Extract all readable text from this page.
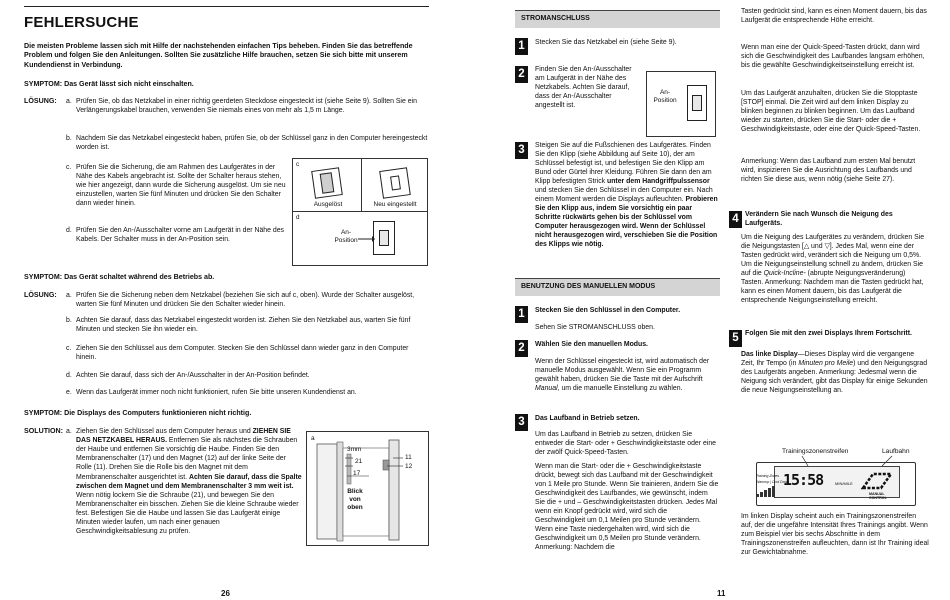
FEHLERSUCHE
Die meisten Probleme lassen sich mit Hilfe der nachstehenden einfachen Tips beheben. Finden Sie das betreffende Problem und folgen Sie den Anleitungen. Sollten Sie zusätzliche Hilfe brauchen, setzen Sie sich bitte mit unserem Kundendienst in Verbindung.
SYMPTOM: Das Gerät lässt sich nicht einschalten.
LÖSUNG: a. Prüfen Sie, ob das Netzkabel in einer richtig geerdeten Steckdose eingesteckt ist (siehe Seite 9). Sollten Sie ein Verlängerungskabel brauchen, verwenden Sie niemals eines von mehr als 1,5 m Länge.
b. Nachdem Sie das Netzkabel eingesteckt haben, prüfen Sie, ob der Schlüssel ganz in den Computer hereingesteckt worden ist.
c. Prüfen Sie die Sicherung, die am Rahmen des Laufgerätes in der Nähe des Kabels angebracht ist. Sollte der Schalter heraus stehen, wie hier angezeigt, dann wurde die Sicherung ausgelöst. Um sie neu einzustellen, warten Sie fünf Minuten und drücken Sie den Schalter dann wieder hinein.
d. Prüfen Sie den An-/Ausschalter vorne am Laufgerät in der Nähe des Kabels. Der Schalter muss in der An-Position sein.
c
d
Ausgelöst	Neu eingestellt
An-
Position
SYMPTOM: Das Gerät schaltet während des Betriebs ab.
LÖSUNG: a. Prüfen Sie die Sicherung neben dem Netzkabel (beziehen Sie sich auf c, oben). Wurde der Schalter ausgelöst, warten Sie fünf Minuten und drücken Sie den Schalter wieder hinein.
b. Achten Sie darauf, dass das Netzkabel eingesteckt worden ist. Ziehen Sie den Netzkabel aus, warten Sie fünf Minuten und stecken Sie ihn wieder ein.
c. Ziehen Sie den Schlüssel aus dem Computer. Stecken Sie den Schlüssel dann wieder ganz in den Computer hinein.
d. Achten Sie darauf, dass sich der An-/Ausschalter in der An-Position befindet.
e. Wenn das Laufgerät immer noch nicht funktioniert, rufen Sie bitte unseren Kundendienst an.
SYMPTOM: Die Displays des Computers funktionieren nicht richtig.
SOLUTION: a. Ziehen Sie den Schlüssel aus dem Computer heraus und ZIEHEN SIE DAS NETZKABEL HERAUS. Entfernen Sie als nächstes die Schrauben der Haube und entfernen Sie vorsichtig die Haube. Finden Sie den Membranenschalter (17) und den Magnet (12) auf der linke Seite der Rolle (11). Drehen Sie die Rolle bis den Magnet mit dem Membranenschalter ausgerichtet ist. Achten Sie darauf, dass die Spalte zwischen dem Magnet und dem Membranenschalter 3 mm weit ist. Wenn nötig lockern Sie die Schraube (21), und bewegen Sie den Membranenschalter ein bisschen. Ziehen Sie die kleine Schraube wieder fest. Befestigen Sie die Haube und lassen Sie das Laufgerät einige Minuten wieder laufen, um nach einer genauen Geschwindigkeitsablesung zu prüfen.
a
3mm
21
17
11
12
Blick
von
oben
26
STROMANSCHLUSS
1	Stecken Sie das Netzkabel ein (siehe Seite 9).
2	Finden Sie den An-/Ausschalter am Laufgerät in der Nähe des Netzkabels. Achten Sie darauf, dass der An-/Ausschalter angestellt ist.
An-
Position
3	Steigen Sie auf die Fußschienen des Laufgerätes. Finden Sie den Klipp (siehe Abbildung auf Seite 10), der am Schlüssel befestigt ist, und befestigen Sie den Klipp am Bund oder Gürtel ihrer Kleidung. Führen Sie dann den am Klipp befestigten Strick unter dem Handgriffpulssensor und stecken Sie den Schlüssel in den Computer ein. Nach einem Moment werden die Displays aufleuchten. Probieren Sie den Klipp aus, indem Sie vorsichtig ein paar Schritte rückwärts gehen bis der Schlüssel vom Computer herausgezogen wird. Wenn der Schlüssel nicht herausgezogen wird, verschieben Sie die Position des Klipps wie nötig.
BENUTZUNG DES MANUELLEN MODUS
1	Stecken Sie den Schlüssel in den Computer.
Sehen Sie STROMANSCHLUSS oben.
2	Wählen Sie den manuellen Modus.
Wenn der Schlüssel eingesteckt ist, wird automatisch der manuelle Modus ausgewählt. Wenn Sie ein Programm gewählt haben, drücken Sie die Taste mit der Aufschrift Manual, um die manuelle Einstellung zu wählen.
3	Das Laufband in Betrieb setzen.
Um das Laufband in Betrieb zu setzen, drücken Sie entweder die Start- oder + Geschwindigkeitstaste oder eine der zwölf Quick-Speed-Tasten.
Wenn man die Start- oder die + Geschwindigkeitstaste drückt, bewegt sich das Laufband mit der Geschwindigkeit von 1 Meile pro Stunde. Wenn Sie trainieren, ändern Sie die Geschwindigkeit des Laufbandes, wie gewünscht, indem Sie die + und – Geschwindigkeitstasten drücken. Jedes Mal wenn ein Knopf gedrückt wird, wird sich die Geschwindigkeit um 0,1 Meilen pro Stunde verändern. Wenn eine Taste niedergehalten wird, wird sich die Geschwindigkeit um 0,5 Meilen pro Stunde verändern. Anmerkung: Nachdem die
11
Tasten gedrückt sind, kann es einen Moment dauern, bis das Laufgerät die entsprechende Höhe erreicht.
Wenn man eine der Quick-Speed-Tasten drückt, dann wird sich die Geschwindigkeit des Laufbandes langsam erhöhen, bis die gewählte Geschwindigkeitseinstellung erreicht ist.
Um das Laufgerät anzuhalten, drücken Sie die Stopptaste [STOP] einmal. Die Zeit wird auf dem linken Display zu blinken beginnen zu blinken beginnen. Um das Laufband wieder zu starten, drücken Sie die Start- oder die + Geschwindigkeitstaste, oder eine der Quick-Speed-Tasten.
Anmerkung: Wenn das Laufband zum ersten Mal benutzt wird, inspizieren Sie die Ausrichtung des Laufbands und richten Sie diese aus, wenn nötig (siehe Seite 27).
4 Verändern Sie nach Wunsch die Neigung des Laufgeräts.
Um die Neigung des Laufgerätes zu verändern, drücken Sie die Neigungstasten [△ und ▽]. Jedes Mal, wenn eine der Tasten gedrückt wird, verändert sich die Neigung um 0,5%. Um die Neigungseinstellung schnell zu ändern, drücken Sie auf die Quick-Incline- (abrupte Neigungsveränderung) Tasten. Anmerkung: Nachdem man die Tasten gedrückt hat, kann es einen Moment dauern, bis das Laufgerät die entsprechende Neigungseinstellung erreicht.
5 Folgen Sie mit den zwei Displays Ihrem Fortschritt.
Das linke Display—Dieses Display wird die vergangene Zeit, Ihr Tempo (in Minuten pro Meile) und den Neigungsgrad des Laufgeräts angeben. Anmerkung: Jedesmal wenn die Neigung sich verändert, gibt das Display für einige Sekunden die neue Neigungseinstellung an.
Im linken Display scheint auch ein Trainingszonenstreifen auf, der die ungefähre Intensität Ihres Trainings angibt. Wenn zum Beispiel vier bis sechs Abschnitte in dem Trainingszonenstreifen aufleuchten, dann ist Ihr Training ideal zur Gewichtabnahme.
Trainingszonenstreifen	Laufbahn
15:58	MIN/MILE
MANUAL CONTROL
Training Zones
Warmup | Cool Down
